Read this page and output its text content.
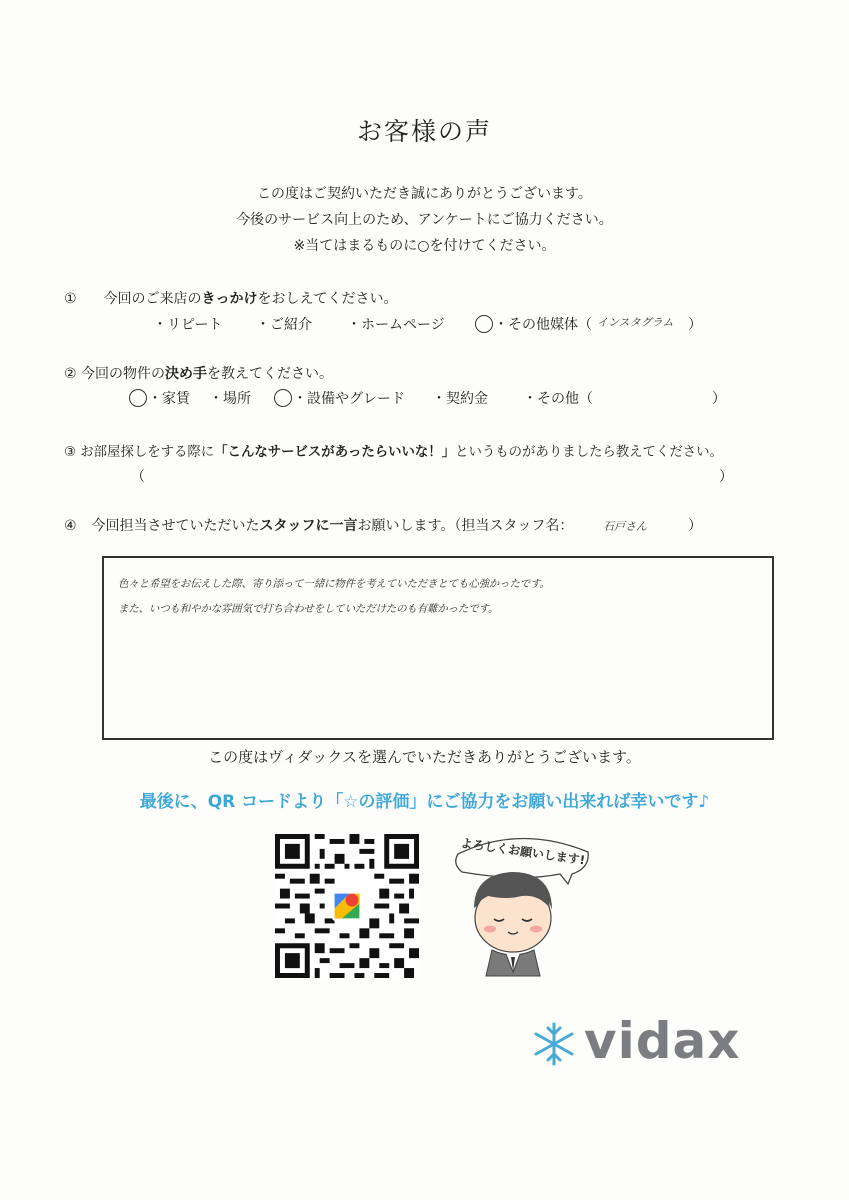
お客様の声
この度はご契約いただき誠にありがとうございます。
今後のサービス向上のため、アンケートにご協力ください。
※当てはまるものに○を付けてください。
① 今回のご来店のきっかけをおしえてください。
・リピート ・ご紹介	・ホームページ	・その他媒体（ インスタグラム ）
② 今回の物件の決め手を教えてください。
・家賃 ・場所	・設備やグレード ・契約金	・その他（	）
③ お部屋探しをする際に「こんなサービスがあったらいいな！」というものがありましたら教えてください。
（	）
④ 今回担当させていただいたスタッフに一言お願いします。（担当スタッフ名：	石戸さん	）
色々と希望をお伝えした際、寄り添って一緒に物件を考えていただきとても心強かったです。
また、いつも和やかな雰囲気で打ち合わせをしていただけたのも有難かったです。
この度はヴィダックスを選んでいただきありがとうございます。
最後に、QR コードより「☆の評価」にご協力をお願い出来れば幸いです♪
よろしくお願いします!
vidax
